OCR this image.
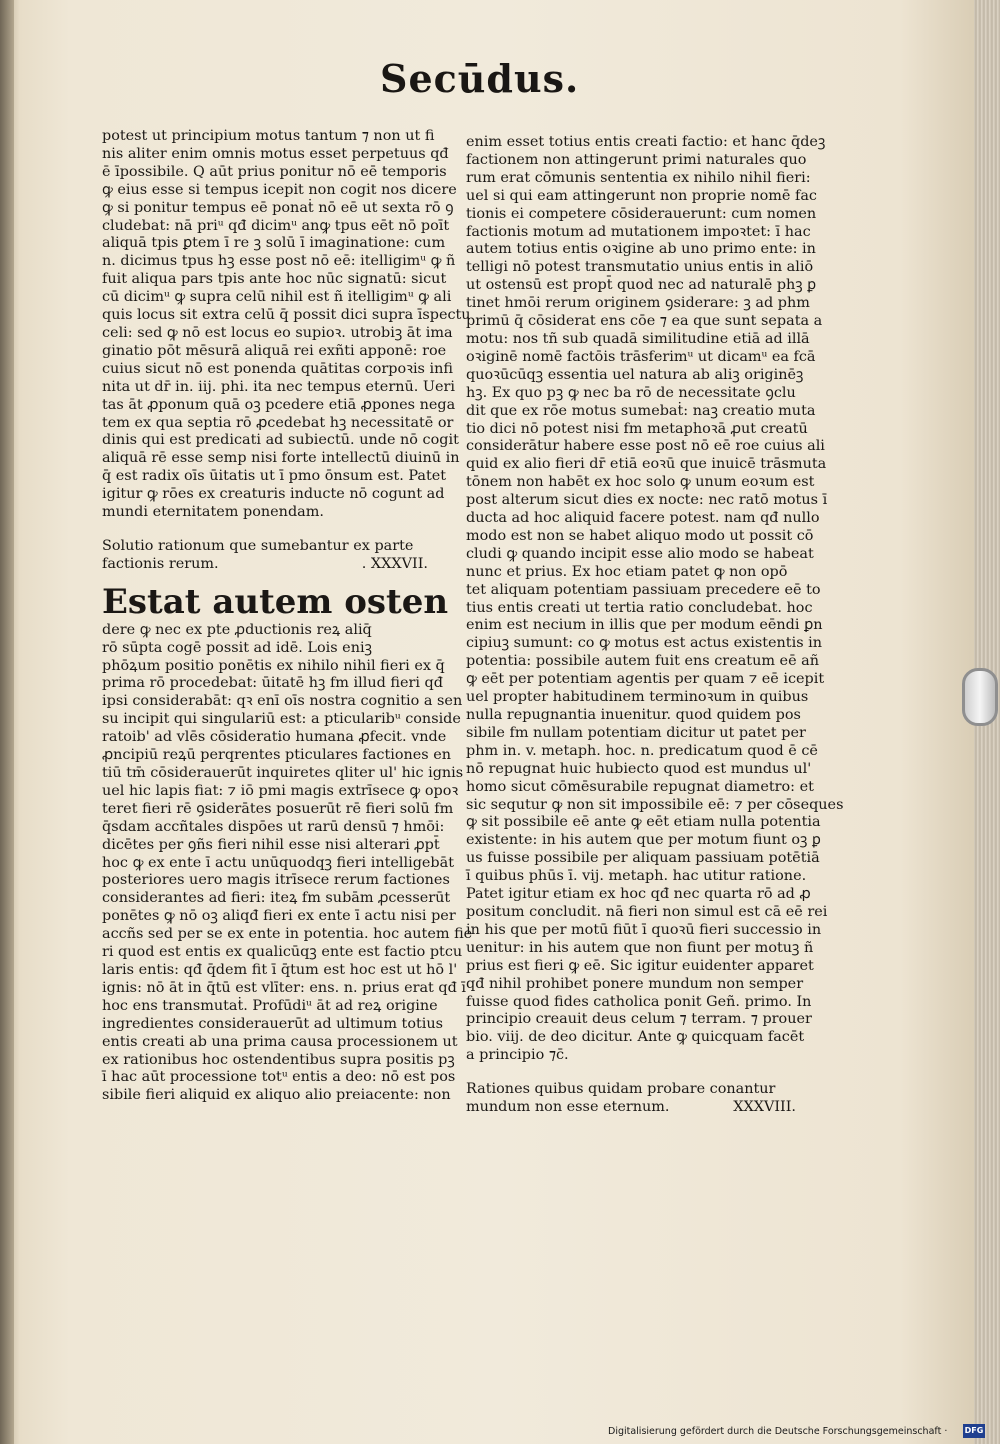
Secūdus.
potest ut principium motus tantum ⁊ non ut fi
nis aliter enim omnis motus esset perpetuus qđ
ē īpossibile. Q aūt prius ponitur nō eē temporis
ꝙ eius esse si tempus icepit non cogit nos dicere
ꝙ si ponitur tempus eē ponaṫ nō eē ut sexta rō ꝯ
cludebat: nā priᵘ qđ dicimᵘ anꝙ tpus eēt nō poīt
aliquā tpis ꝑtem ī re ꝫ solū ī imaginatione: cum
n. dicimus tpus hꝫ esse post nō eē: itelligimᵘ ꝙ ñ
fuit aliqua pars tpis ante hoc nūc signatū: sicut
cū dicimᵘ ꝙ supra celū nihil est ñ itelligimᵘ ꝙ ali
quis locus sit extra celū q̄ possit dici supra īspectu
celi: sed ꝙ nō est locus eo supioꝛ. utrobiꝫ āt ima
ginatio pōt mēsurā aliquā rei exñti apponē: roe
cuius sicut nō est ponenda quātitas corpoꝛis infi
nita ut dr̄ in. iij. phi. ita nec tempus eternū. Ueri
tas āt ꝓponum quā oꝫ pcedere etiā ꝓpones nega
tem ex qua septia rō ꝓcedebat hꝫ necessitatē or
dinis qui est predicati ad subiectū. unde nō cogit
aliquā rē esse semp nisi forte intellectū diuinū in
q̄ est radix oīs ūitatis ut ī pmo ōnsum est. Patet
igitur ꝙ rōes ex creaturis inducte nō cogunt ad
mundi eternitatem ponendam.
Solutio rationum que sumebantur ex parte
factionis rerum.	. XXXVII.
Estat autem osten
dere ꝙ nec ex pte ꝓductionis reꝝ aliq̄
rō sūpta cogē possit ad idē. Lois eniꝫ
phōꝝum positio ponētis ex nihilo nihil fieri ex q̄
prima rō procedebat: ūitatē hꝫ fm illud fieri qđ
ipsi considerabāt: qꝛ enī oīs nostra cognitio a sen
su incipit qui singulariū est: a pticularibᵘ conside
ratoib' ad vlēs cōsideratio humana ꝓfecit. vnde
ꝓncipiū reꝝū perqrentes pticulares factiones en
tiū tm̄ cōsiderauerūt inquiretes qliter ul' hic ignis
uel hic lapis fiat: ⁊ iō pmi magis extrīsece ꝙ opoꝛ
teret fieri rē ꝯsiderātes posuerūt rē fieri solū fm
q̄sdam accñtales dispōes ut rarū densū ⁊ hmōi:
dicētes per ꝯñs fieri nihil esse nisi alterari ꝓpt̄
hoc ꝙ ex ente ī actu unūquodqꝫ fieri intelligebāt
posteriores uero magis itrīsece rerum factiones
considerantes ad fieri: iteꝝ fm subām ꝓcesserūt
ponētes ꝙ nō oꝫ aliqđ fieri ex ente ī actu nisi per
accñs sed per se ex ente in potentia. hoc autem fie
ri quod est entis ex qualicūqꝫ ente est factio ptcu
laris entis: qđ q̄dem fit ī q̄tum est hoc est ut hō l'
ignis: nō āt in q̄tū est vlīter: ens. n. prius erat qđ ī
hoc ens transmutaṫ. Profūdiᵘ āt ad reꝝ origine
ingredientes considerauerūt ad ultimum totius
entis creati ab una prima causa processionem ut
ex rationibus hoc ostendentibus supra positis pꝫ
ī hac aūt processione totᵘ entis a deo: nō est pos
sibile fieri aliquid ex aliquo alio preiacente: non
enim esset totius entis creati factio: et hanc q̄deꝫ
factionem non attingerunt primi naturales quo
rum erat cōmunis sententia ex nihilo nihil fieri:
uel si qui eam attingerunt non proprie nomē fac
tionis ei competere cōsiderauerunt: cum nomen
factionis motum ad mutationem impoꝛtet: ī hac
autem totius entis oꝛigine ab uno primo ente: in
telligi nō potest transmutatio unius entis in aliō
ut ostensū est propt̄ quod nec ad naturalē phꝫ ꝑ
tinet hmōi rerum originem ꝯsiderare: ꝫ ad phm
primū q̄ cōsiderat ens cōe ⁊ ea que sunt sepata a
motu: nos tñ sub quadā similitudine etiā ad illā
oꝛiginē nomē factōis trāsferimᵘ ut dicamᵘ ea fcā
quoꝛūcūqꝫ essentia uel natura ab aliꝫ originēꝫ
hꝫ. Ex quo pꝫ ꝙ nec ba rō de necessitate ꝯclu
dit que ex rōe motus sumebaṫ: naꝫ creatio muta
tio dici nō potest nisi fm metaphoꝛā ꝓut creatū
considerātur habere esse post nō eē roe cuius ali
quid ex alio fieri dr̄ etiā eoꝛū que inuicē trāsmuta
tōnem non habēt ex hoc solo ꝙ unum eoꝛum est
post alterum sicut dies ex nocte: nec ratō motus ī
ducta ad hoc aliquid facere potest. nam qđ nullo
modo est non se habet aliquo modo ut possit cō
cludi ꝙ quando incipit esse alio modo se habeat
nunc et prius. Ex hoc etiam patet ꝙ non opō
tet aliquam potentiam passiuam precedere eē to
tius entis creati ut tertia ratio concludebat. hoc
enim est necium in illis que per modum eēndi ꝑn
cipiuꝫ sumunt: co ꝙ motus est actus existentis in
potentia: possibile autem fuit ens creatum eē añ
ꝙ eēt per potentiam agentis per quam ⁊ eē icepit
uel propter habitudinem terminoꝛum in quibus
nulla repugnantia inuenitur. quod quidem pos
sibile fm nullam potentiam dicitur ut patet per
phm in. v. metaph. hoc. n. predicatum quod ē cē
nō repugnat huic hubiecto quod est mundus ul'
homo sicut cōmēsurabile repugnat diametro: et
sic sequtur ꝙ non sit impossibile eē: ⁊ per cōseques
ꝙ sit possibile eē ante ꝙ eēt etiam nulla potentia
existente: in his autem que per motum fiunt oꝫ ꝑ
us fuisse possibile per aliquam passiuam potētiā
ī quibus phūs ī. vij. metaph. hac utitur ratione.
Patet igitur etiam ex hoc qđ nec quarta rō ad ꝓ
positum concludit. nā fieri non simul est cā eē rei
in his que per motū fiūt ī quoꝛū fieri successio in
uenitur: in his autem que non fiunt per motuꝫ ñ
prius est fieri ꝙ eē. Sic igitur euidenter apparet
qđ nihil prohibet ponere mundum non semper
fuisse quod fides catholica ponit Geñ. primo. In
principio creauit deus celum ⁊ terram. ⁊ prouer
bio. viij. de deo dicitur. Ante ꝙ quicquam facēt
a principio ⁊c̄.
Rationes quibus quidam probare conantur
mundum non esse eternum.	XXXVIII.
Digitalisierung gefördert durch die Deutsche Forschungsgemeinschaft · DFG
